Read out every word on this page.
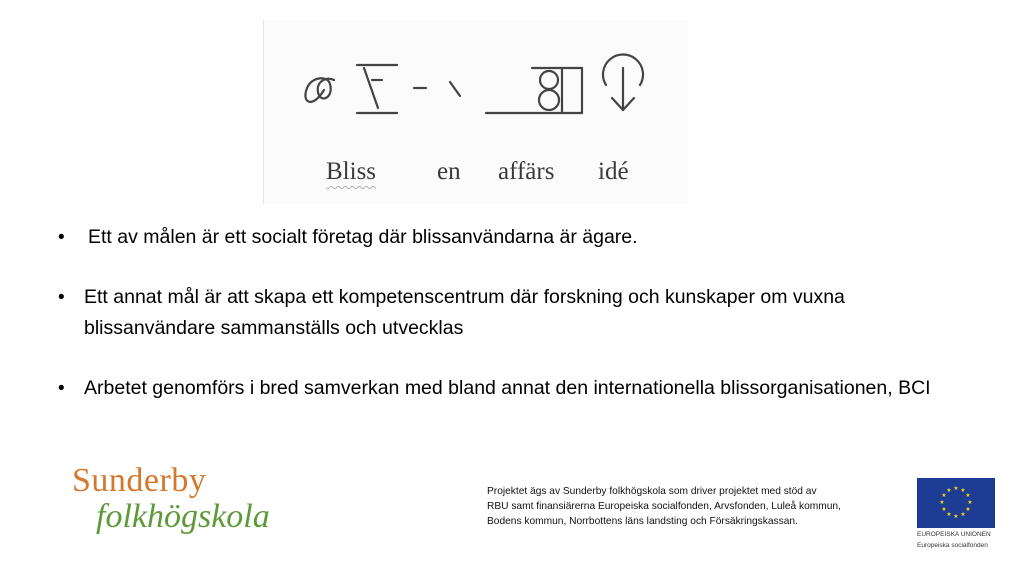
Bliss en affärs idé
• Ett av målen är ett socialt företag där blissanvändarna är ägare.
• Ett annat mål är att skapa ett kompetenscentrum där forskning och kunskaper om vuxna blissanvändare sammanställs och utvecklas
• Arbetet genomförs i bred samverkan med bland annat den internationella blissorganisationen, BCI
Sunderby
folkhögskola
Projektet ägs av Sunderby folkhögskola som driver projektet med stöd av
RBU samt finansiärerna Europeiska socialfonden, Arvsfonden, Luleå kommun,
Bodens kommun, Norrbottens läns landsting och Försäkringskassan.
★ ★
★
★
★
★
★
★
★
★
★
★
EUROPEISKA UNIONEN
Europeiska socialfonden
